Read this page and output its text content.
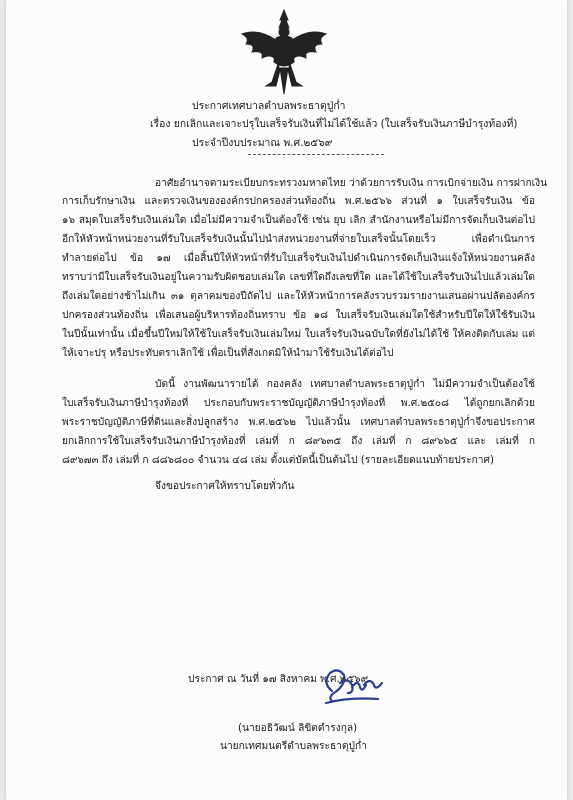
ประกาศเทศบาลตำบลพระธาตุปู่ก่ำ
เรื่อง ยกเลิกและเจาะปรุใบเสร็จรับเงินที่ไม่ได้ใช้แล้ว (ใบเสร็จรับเงินภาษีบำรุงท้องที่)
ประจำปีงบประมาณ พ.ศ.๒๕๖๙
อาศัยอำนาจตามระเบียบกระทรวงมหาดไทย ว่าด้วยการรับเงิน การเบิกจ่ายเงิน การฝากเงิน
การเก็บรักษาเงิน และตรวจเงินขององค์กรปกครองส่วนท้องถิ่น พ.ศ.๒๕๖๖ ส่วนที่ ๑ ใบเสร็จรับเงิน ข้อ
๑๖ สมุดใบเสร็จรับเงินเล่มใด เมื่อไม่มีความจำเป็นต้องใช้ เช่น ยุบ เลิก สำนักงานหรือไม่มีการจัดเก็บเงินต่อไป
อีกให้หัวหน้าหน่วยงานที่รับใบเสร็จรับเงินนั้นไปนำส่งหน่วยงานที่จ่ายใบเสร็จนั้นโดยเร็ว เพื่อดำเนินการ
ทำลายต่อไป ข้อ ๑๗ เมื่อสิ้นปีให้หัวหน้าที่รับใบเสร็จรับเงินไปดำเนินการจัดเก็บเงินแจ้งให้หน่วยงานคลัง
ทราบว่ามีใบเสร็จรับเงินอยู่ในความรับผิดชอบเล่มใด เลขที่ใดถึงเลขที่ใด และได้ใช้ใบเสร็จรับเงินไปแล้วเล่มใด
ถึงเล่มใดอย่างช้าไม่เกิน ๓๑ ตุลาคมของปีถัดไป และให้หัวหน้าการคลังรวบรวมรายงานเสนอผ่านปลัดองค์กร
ปกครองส่วนท้องถิ่น เพื่อเสนอผู้บริหารท้องถิ่นทราบ ข้อ ๑๘ ใบเสร็จรับเงินเล่มใดใช้สำหรับปีใดให้ใช้รับเงิน
ในปีนั้นเท่านั้น เมื่อขึ้นปีใหม่ให้ใช้ใบเสร็จรับเงินเล่มใหม่ ใบเสร็จรับเงินฉบับใดที่ยังไม่ได้ใช้ ให้คงติดกับเล่ม แต่
ให้เจาะปรุ หรือประทับตราเลิกใช้ เพื่อเป็นที่สังเกตมิให้นำมาใช้รับเงินได้ต่อไป
บัดนี้ งานพัฒนารายได้ กองคลัง เทศบาลตำบลพระธาตุปู่ก่ำ ไม่มีความจำเป็นต้องใช้
ใบเสร็จรับเงินภาษีบำรุงท้องที่ ประกอบกับพระราชบัญญัติภาษีบำรุงท้องที่ พ.ศ.๒๕๐๘ ได้ถูกยกเลิกด้วย
พระราชบัญญัติภาษีที่ดินและสิ่งปลูกสร้าง พ.ศ.๒๕๖๒ ไปแล้วนั้น เทศบาลตำบลพระธาตุปู่ก่ำจึงขอประกาศ
ยกเลิกการใช้ใบเสร็จรับเงินภาษีบำรุงท้องที่ เล่มที่ ก ๘๙๖๓๕ ถึง เล่มที่ ก ๘๙๖๖๕ และ เล่มที่ ก
๘๙๖๗๓ ถึง เล่มที่ ก ๘๘๖๘๐๐ จำนวน ๔๘ เล่ม ตั้งแต่บัดนี้เป็นต้นไป (รายละเอียดแนบท้ายประกาศ)
จึงขอประกาศให้ทราบโดยทั่วกัน
ประกาศ ณ วันที่ ๑๗ สิงหาคม พ.ศ.๒๕๖๙
(นายอธิวัฒน์ ลิขิตดำรงกุล)
นายกเทศมนตรีตำบลพระธาตุปู่ก่ำ
